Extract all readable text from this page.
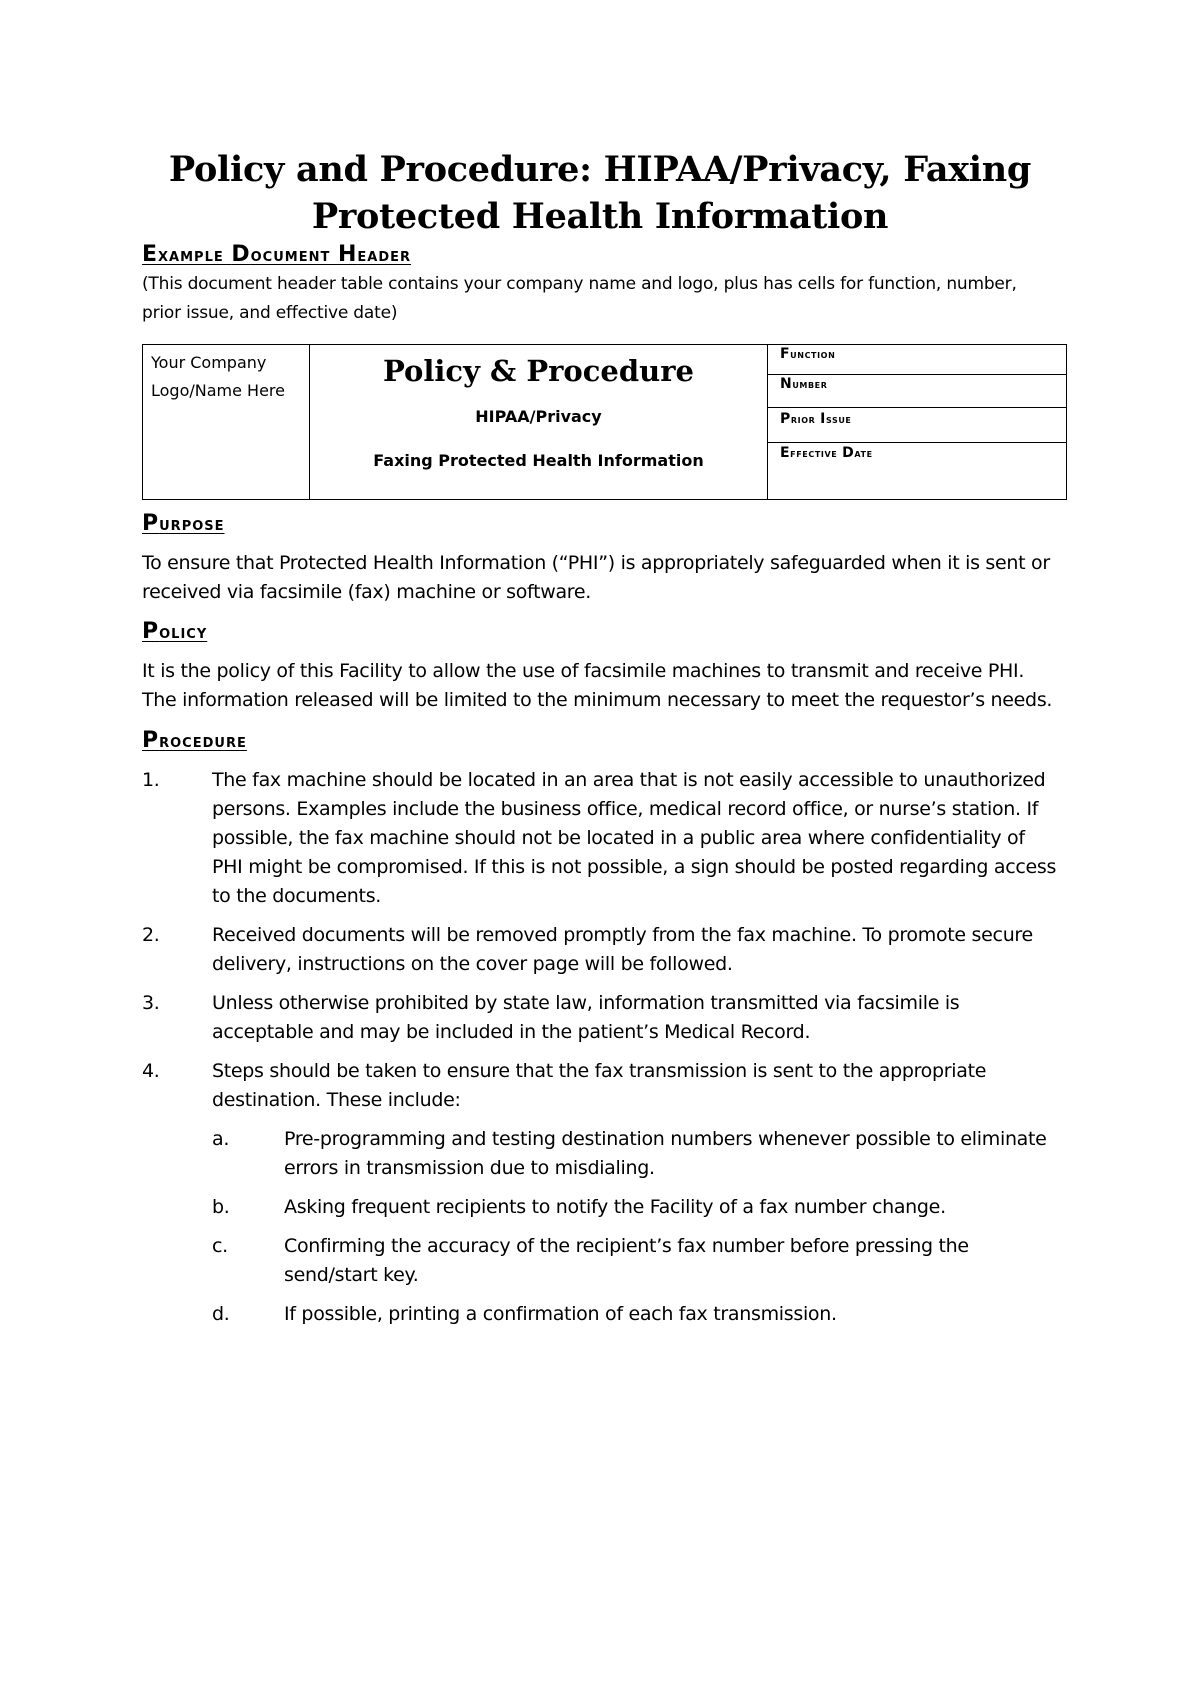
Policy and Procedure: HIPAA/Privacy, Faxing Protected Health Information
Example Document Header

(This document header table contains your company name and logo, plus has cells for function, number, prior issue, and effective date)

Your Company Logo/Name Here

Policy & Procedure
HIPAA/Privacy
Faxing Protected Health Information

Function
Number
Prior Issue
Effective Date
Purpose

To ensure that Protected Health Information (“PHI”) is appropriately safeguarded when it is sent or received via facsimile (fax) machine or software.

Policy

It is the policy of this Facility to allow the use of facsimile machines to transmit and receive PHI. The information released will be limited to the minimum necessary to meet the requestor’s needs.

Procedure
1.	The fax machine should be located in an area that is not easily accessible to unauthorized persons. Examples include the business office, medical record office, or nurse’s station. If possible, the fax machine should not be located in a public area where confidentiality of PHI might be compromised. If this is not possible, a sign should be posted regarding access to the documents.
2.	Received documents will be removed promptly from the fax machine. To promote secure delivery, instructions on the cover page will be followed.
3.	Unless otherwise prohibited by state law, information transmitted via facsimile is acceptable and may be included in the patient’s Medical Record.
4.	Steps should be taken to ensure that the fax transmission is sent to the appropriate destination. These include:
a.	Pre-programming and testing destination numbers whenever possible to eliminate errors in transmission due to misdialing.
b.	Asking frequent recipients to notify the Facility of a fax number change.
c.	Confirming the accuracy of the recipient’s fax number before pressing the send/start key.
d.	If possible, printing a confirmation of each fax transmission.
